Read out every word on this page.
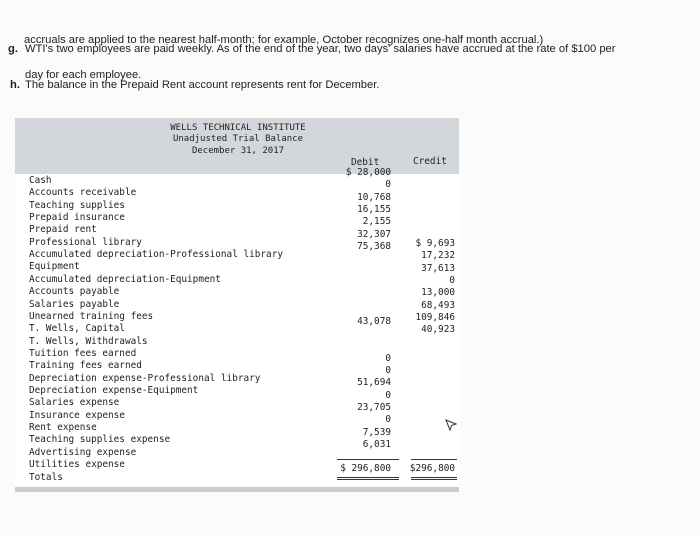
accruals are applied to the nearest half-month; for example, October recognizes one-half month accrual.)
g. WTI's two employees are paid weekly. As of the end of the year, two days' salaries have accrued at the rate of $100 per
day for each employee.
h. The balance in the Prepaid Rent account represents rent for December.
WELLS TECHNICAL INSTITUTE
Unadjusted Trial Balance
December 31, 2017
Debit	Credit
Cash
$ 28,000
Accounts receivable
0
Teaching supplies
10,768
Prepaid insurance
16,155
Prepaid rent
2,155
Professional library
32,307
Accumulated depreciation-Professional library
$ 9,693
Equipment
75,368
Accumulated depreciation-Equipment
17,232
Accounts payable
37,613
Salaries payable
0
Unearned training fees
13,000
T. Wells, Capital
68,493
T. Wells, Withdrawals
43,078
Tuition fees earned
109,846
Training fees earned
40,923
Depreciation expense-Professional library
0
Depreciation expense-Equipment
0
Salaries expense
51,694
Insurance expense
0
Rent expense
23,705
Teaching supplies expense
0
Advertising expense
7,539
Utilities expense
6,031
Totals
$ 296,800 $296,800
